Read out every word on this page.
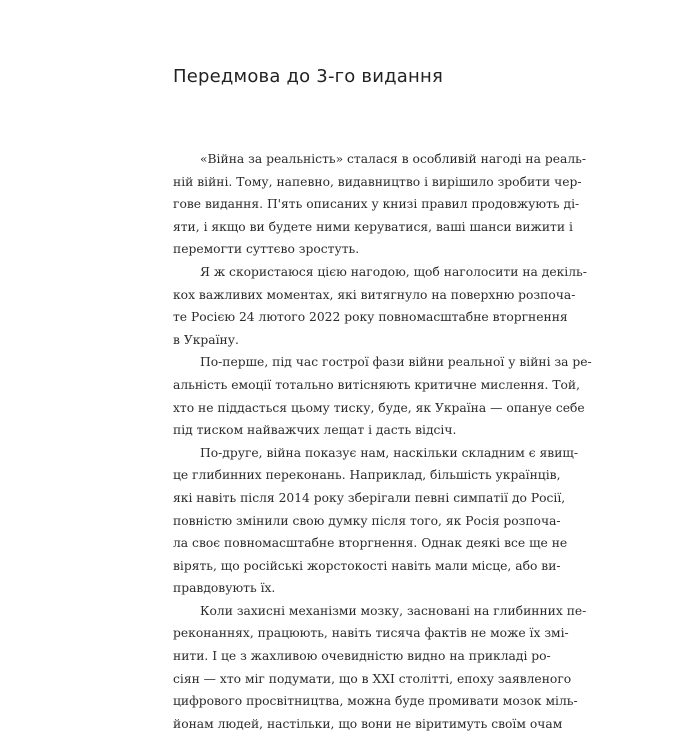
Передмова до 3-го видання
«Війна за реальність» сталася в особливій нагоді на реаль-
ній війні. Тому, напевно, видавництво і вирішило зробити чер-
гове видання. П'ять описаних у книзі правил продовжують ді-
яти, і якщо ви будете ними керуватися, ваші шанси вижити і
перемогти суттєво зростуть.
Я ж скористаюся цією нагодою, щоб наголосити на декіль-
кох важливих моментах, які витягнуло на поверхню розпоча-
те Росією 24 лютого 2022 року повномасштабне вторгнення
в Україну.
По-перше, під час гострої фази війни реальної у війні за ре-
альність емоції тотально витісняють критичне мислення. Той,
хто не піддасться цьому тиску, буде, як Україна — опануе себе
під тиском найважчих лещат і дасть відсіч.
По-друге, війна показує нам, наскільки складним є явищ-
це глибинних переконань. Наприклад, більшість українців,
які навіть після 2014 року зберігали певні симпатії до Росії,
повністю змінили свою думку після того, як Росія розпоча-
ла своє повномасштабне вторгнення. Однак деякі все ще не
вірять, що російські жорстокості навіть мали місце, або ви-
правдовують їх.
Коли захисні механізми мозку, засновані на глибинних пе-
реконаннях, працюють, навіть тисяча фактів не може їх змі-
нити. І це з жахливою очевидністю видно на прикладі ро-
сіян — хто міг подумати, що в XXI столітті, епоху заявленого
цифрового просвітництва, можна буде промивати мозок міль-
йонам людей, настільки, що вони не віритимуть своїм очам
